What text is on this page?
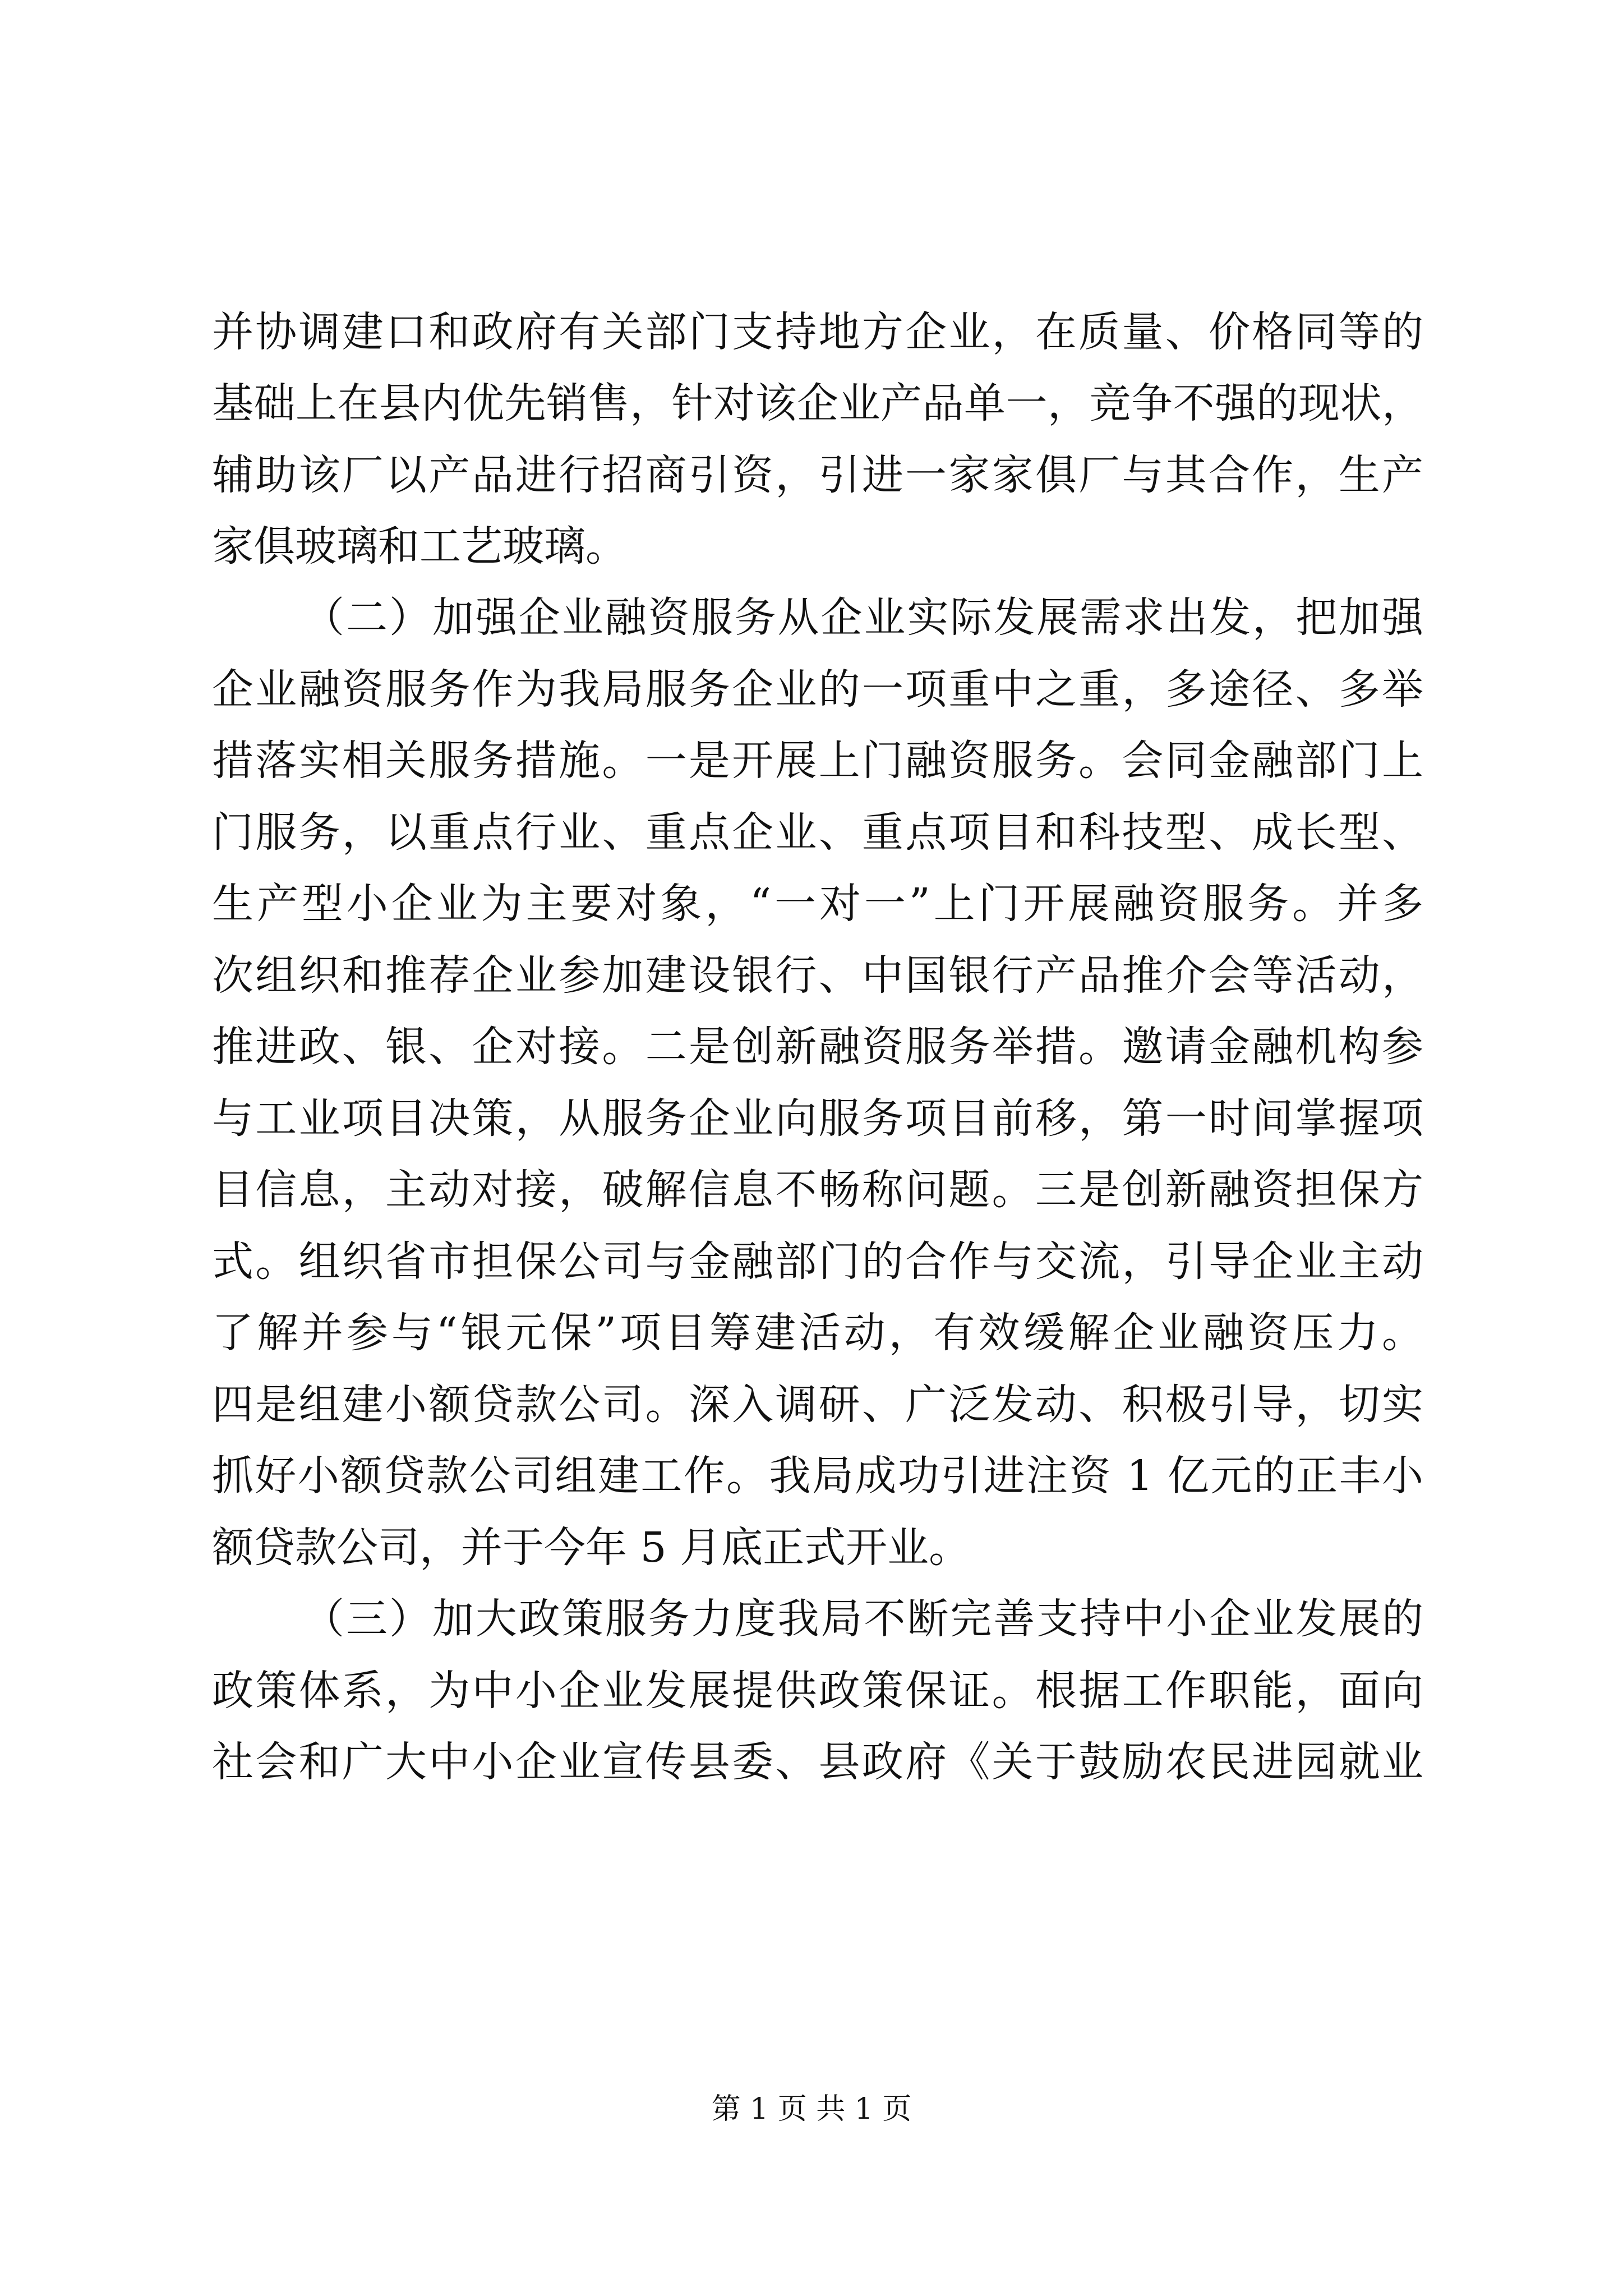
并协调建口和政府有关部门支持地方企业，在质量、价格同等的
基础上在县内优先销售，针对该企业产品单一，竞争不强的现状，
辅助该厂以产品进行招商引资，引进一家家俱厂与其合作，生产
家俱玻璃和工艺玻璃。
（二）加强企业融资服务从企业实际发展需求出发，把加强
企业融资服务作为我局服务企业的一项重中之重，多途径、多举
措落实相关服务措施。一是开展上门融资服务。会同金融部门上
门服务，以重点行业、重点企业、重点项目和科技型、成长型、
生产型小企业为主要对象，“一对一”上门开展融资服务。并多
次组织和推荐企业参加建设银行、中国银行产品推介会等活动，
推进政、银、企对接。二是创新融资服务举措。邀请金融机构参
与工业项目决策，从服务企业向服务项目前移，第一时间掌握项
目信息，主动对接，破解信息不畅称问题。三是创新融资担保方
式。组织省市担保公司与金融部门的合作与交流，引导企业主动
了解并参与“银元保”项目筹建活动，有效缓解企业融资压力。
四是组建小额贷款公司。深入调研、广泛发动、积极引导，切实
抓好小额贷款公司组建工作。我局成功引进注资 1 亿元的正丰小
额贷款公司，并于今年 5 月底正式开业。
（三）加大政策服务力度我局不断完善支持中小企业发展的
政策体系，为中小企业发展提供政策保证。根据工作职能，面向
社会和广大中小企业宣传县委、县政府《关于鼓励农民进园就业
第 1 页 共 1 页
